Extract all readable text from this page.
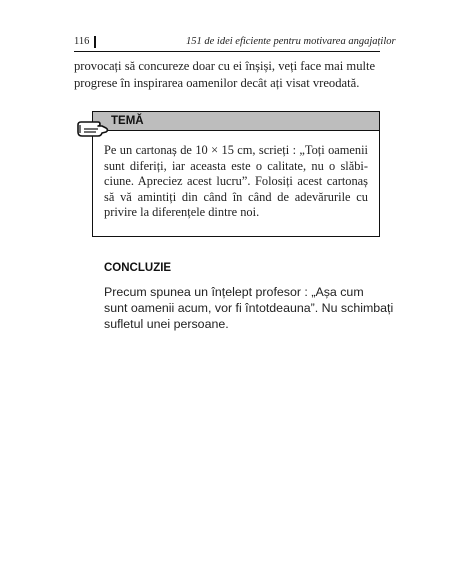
116	151 de idei eficiente pentru motivarea angajaților
provocați să concureze doar cu ei înșiși, veți face mai multe
progrese în inspirarea oamenilor decât ați visat vreodată.
TEMĂ
Pe un cartonaș de 10 × 15 cm, scrieți : „Toți oamenii
sunt diferiți, iar aceasta este o calitate, nu o slăbi-
ciune. Apreciez acest lucru”. Folosiți acest cartonaș
să vă amintiți din când în când de adevărurile cu
privire la diferențele dintre noi.
CONCLUZIE
Precum spunea un înțelept profesor : „Așa cum
sunt oamenii acum, vor fi întotdeauna”. Nu schimbați
sufletul unei persoane.
